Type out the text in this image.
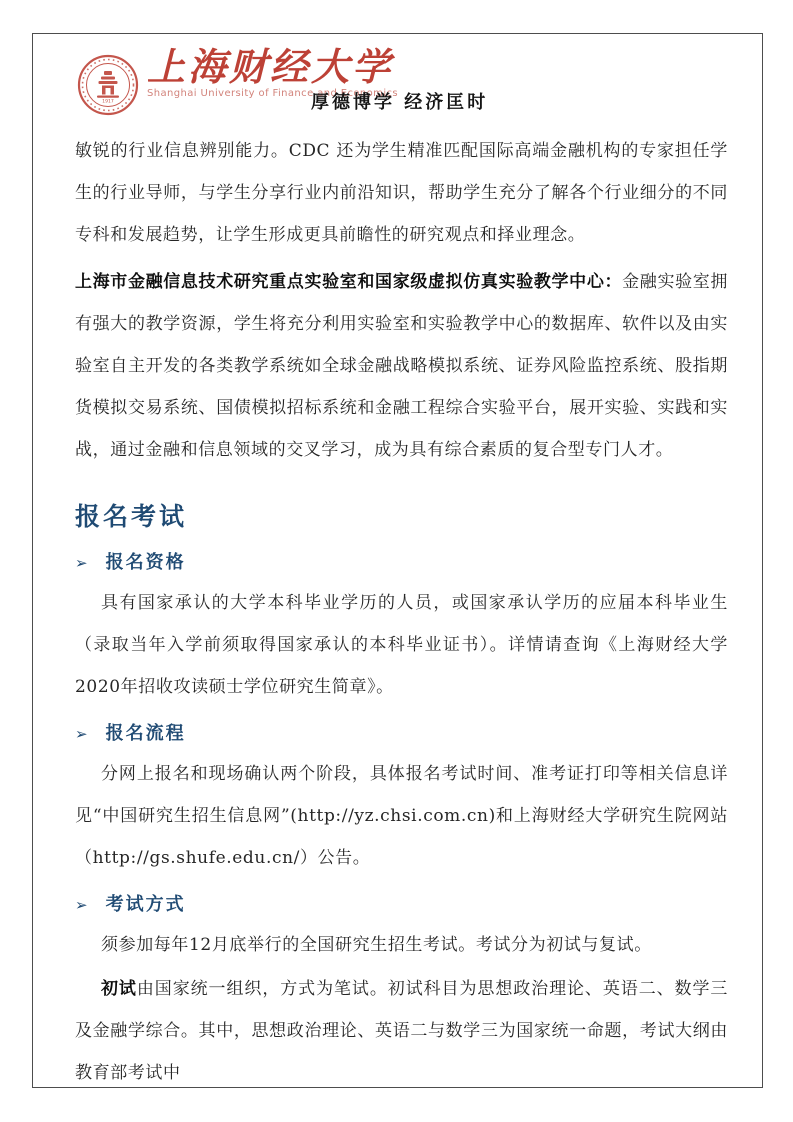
1917
上海财经大学
Shanghai University of Finance and Economics
厚德博学 经济匡时

敏锐的行业信息辨别能力。CDC 还为学生精准匹配国际高端金融机构的专家担任学生的行业导师，与学生分享行业内前沿知识，帮助学生充分了解各个行业细分的不同专科和发展趋势，让学生形成更具前瞻性的研究观点和择业理念。

上海市金融信息技术研究重点实验室和国家级虚拟仿真实验教学中心：金融实验室拥有强大的教学资源，学生将充分利用实验室和实验教学中心的数据库、软件以及由实验室自主开发的各类教学系统如全球金融战略模拟系统、证券风险监控系统、股指期货模拟交易系统、国债模拟招标系统和金融工程综合实验平台，展开实验、实践和实战，通过金融和信息领域的交叉学习，成为具有综合素质的复合型专门人才。

报名考试
➢ 报名资格

具有国家承认的大学本科毕业学历的人员，或国家承认学历的应届本科毕业生（录取当年入学前须取得国家承认的本科毕业证书）。详情请查询《上海财经大学2020年招收攻读硕士学位研究生简章》。

➢ 报名流程

分网上报名和现场确认两个阶段，具体报名考试时间、准考证打印等相关信息详见“中国研究生招生信息网”(http://yz.chsi.com.cn)和上海财经大学研究生院网站（http://gs.shufe.edu.cn/）公告。

➢ 考试方式

须参加每年12月底举行的全国研究生招生考试。考试分为初试与复试。

初试由国家统一组织，方式为笔试。初试科目为思想政治理论、英语二、数学三及金融学综合。其中，思想政治理论、英语二与数学三为国家统一命题，考试大纲由教育部考试中
